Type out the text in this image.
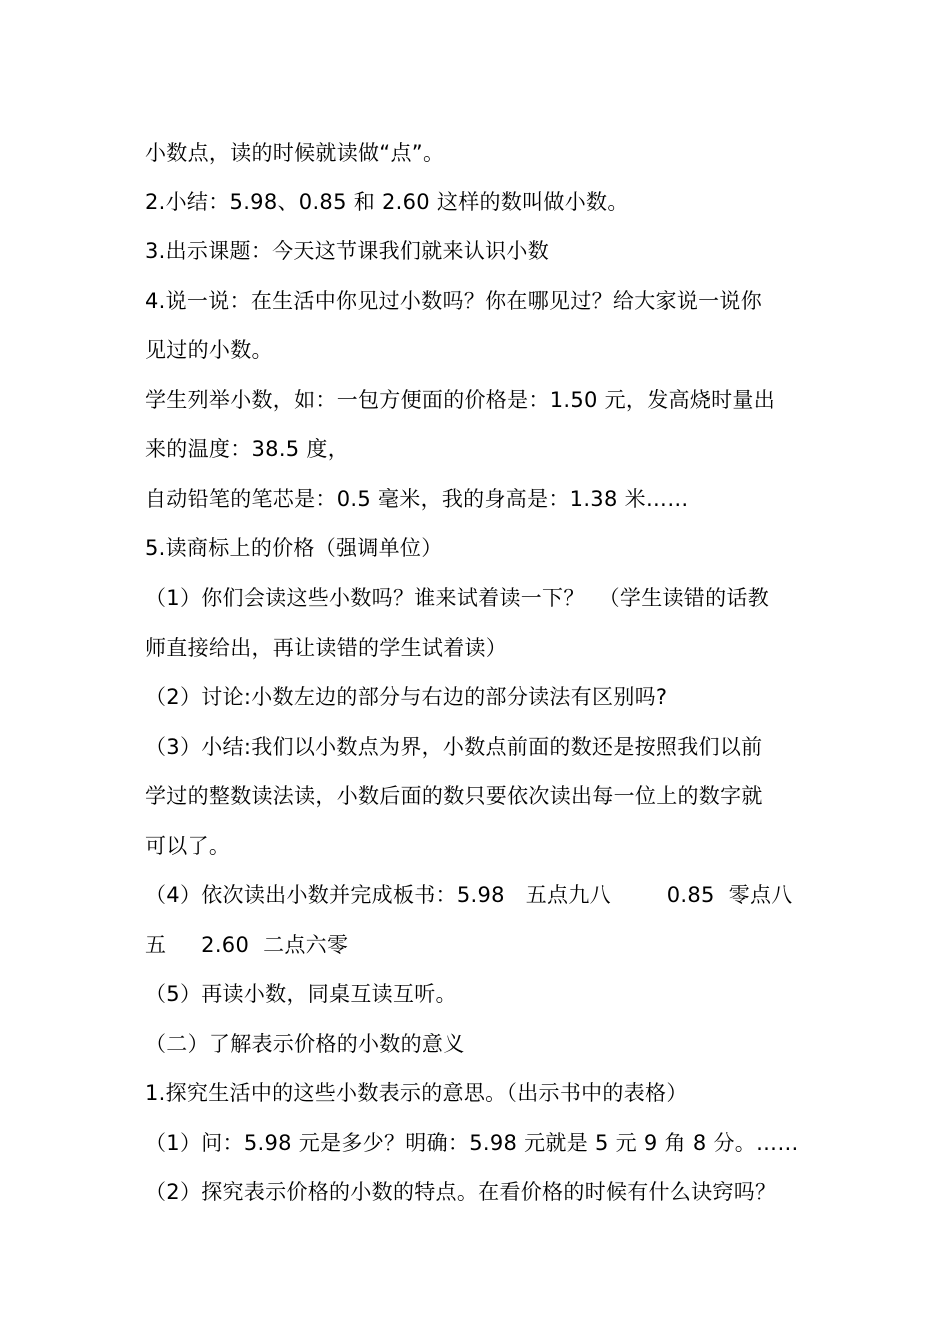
小数点，读的时候就读做“点”。
2.小结：5.98、0.85 和 2.60 这样的数叫做小数。
3.出示课题：今天这节课我们就来认识小数
4.说一说：在生活中你见过小数吗？你在哪见过？给大家说一说你
见过的小数。
学生列举小数，如：一包方便面的价格是：1.50 元，发高烧时量出
来的温度：38.5 度，
自动铅笔的笔芯是：0.5 毫米，我的身高是：1.38 米……
5.读商标上的价格（强调单位）
（1）你们会读这些小数吗？谁来试着读一下？  （学生读错的话教
师直接给出，再让读错的学生试着读）
（2）讨论:小数左边的部分与右边的部分读法有区别吗?
（3）小结:我们以小数点为界，小数点前面的数还是按照我们以前
学过的整数读法读，小数后面的数只要依次读出每一位上的数字就
可以了。
（4）依次读出小数并完成板书：5.98   五点九八        0.85  零点八
五     2.60  二点六零
（5）再读小数，同桌互读互听。
（二）了解表示价格的小数的意义
1.探究生活中的这些小数表示的意思。（出示书中的表格）
（1）问：5.98 元是多少？明确：5.98 元就是 5 元 9 角 8 分。……
（2）探究表示价格的小数的特点。在看价格的时候有什么诀窍吗？
